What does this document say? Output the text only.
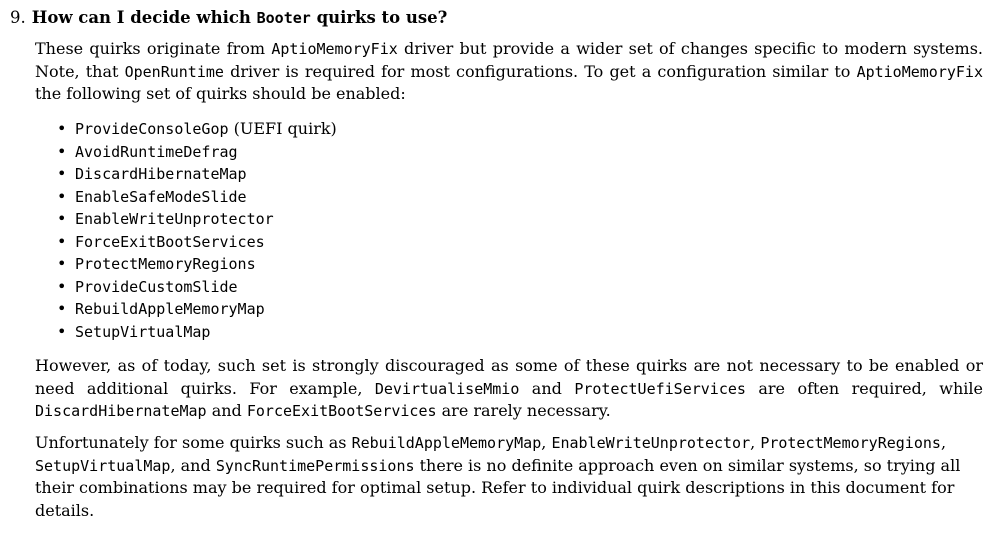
9. How can I decide which Booter quirks to use?

These quirks originate from AptioMemoryFix driver but provide a wider set of changes specific to modern systems. Note, that OpenRuntime driver is required for most configurations. To get a configuration similar to AptioMemoryFix the following set of quirks should be enabled:

• ProvideConsoleGop (UEFI quirk)
• AvoidRuntimeDefrag
• DiscardHibernateMap
• EnableSafeModeSlide
• EnableWriteUnprotector
• ForceExitBootServices
• ProtectMemoryRegions
• ProvideCustomSlide
• RebuildAppleMemoryMap
• SetupVirtualMap

However, as of today, such set is strongly discouraged as some of these quirks are not necessary to be enabled or need additional quirks. For example, DevirtualiseMmio and ProtectUefiServices are often required, while DiscardHibernateMap and ForceExitBootServices are rarely necessary.

Unfortunately for some quirks such as RebuildAppleMemoryMap, EnableWriteUnprotector, ProtectMemoryRegions, SetupVirtualMap, and SyncRuntimePermissions there is no definite approach even on similar systems, so trying all their combinations may be required for optimal setup. Refer to individual quirk descriptions in this document for details.
